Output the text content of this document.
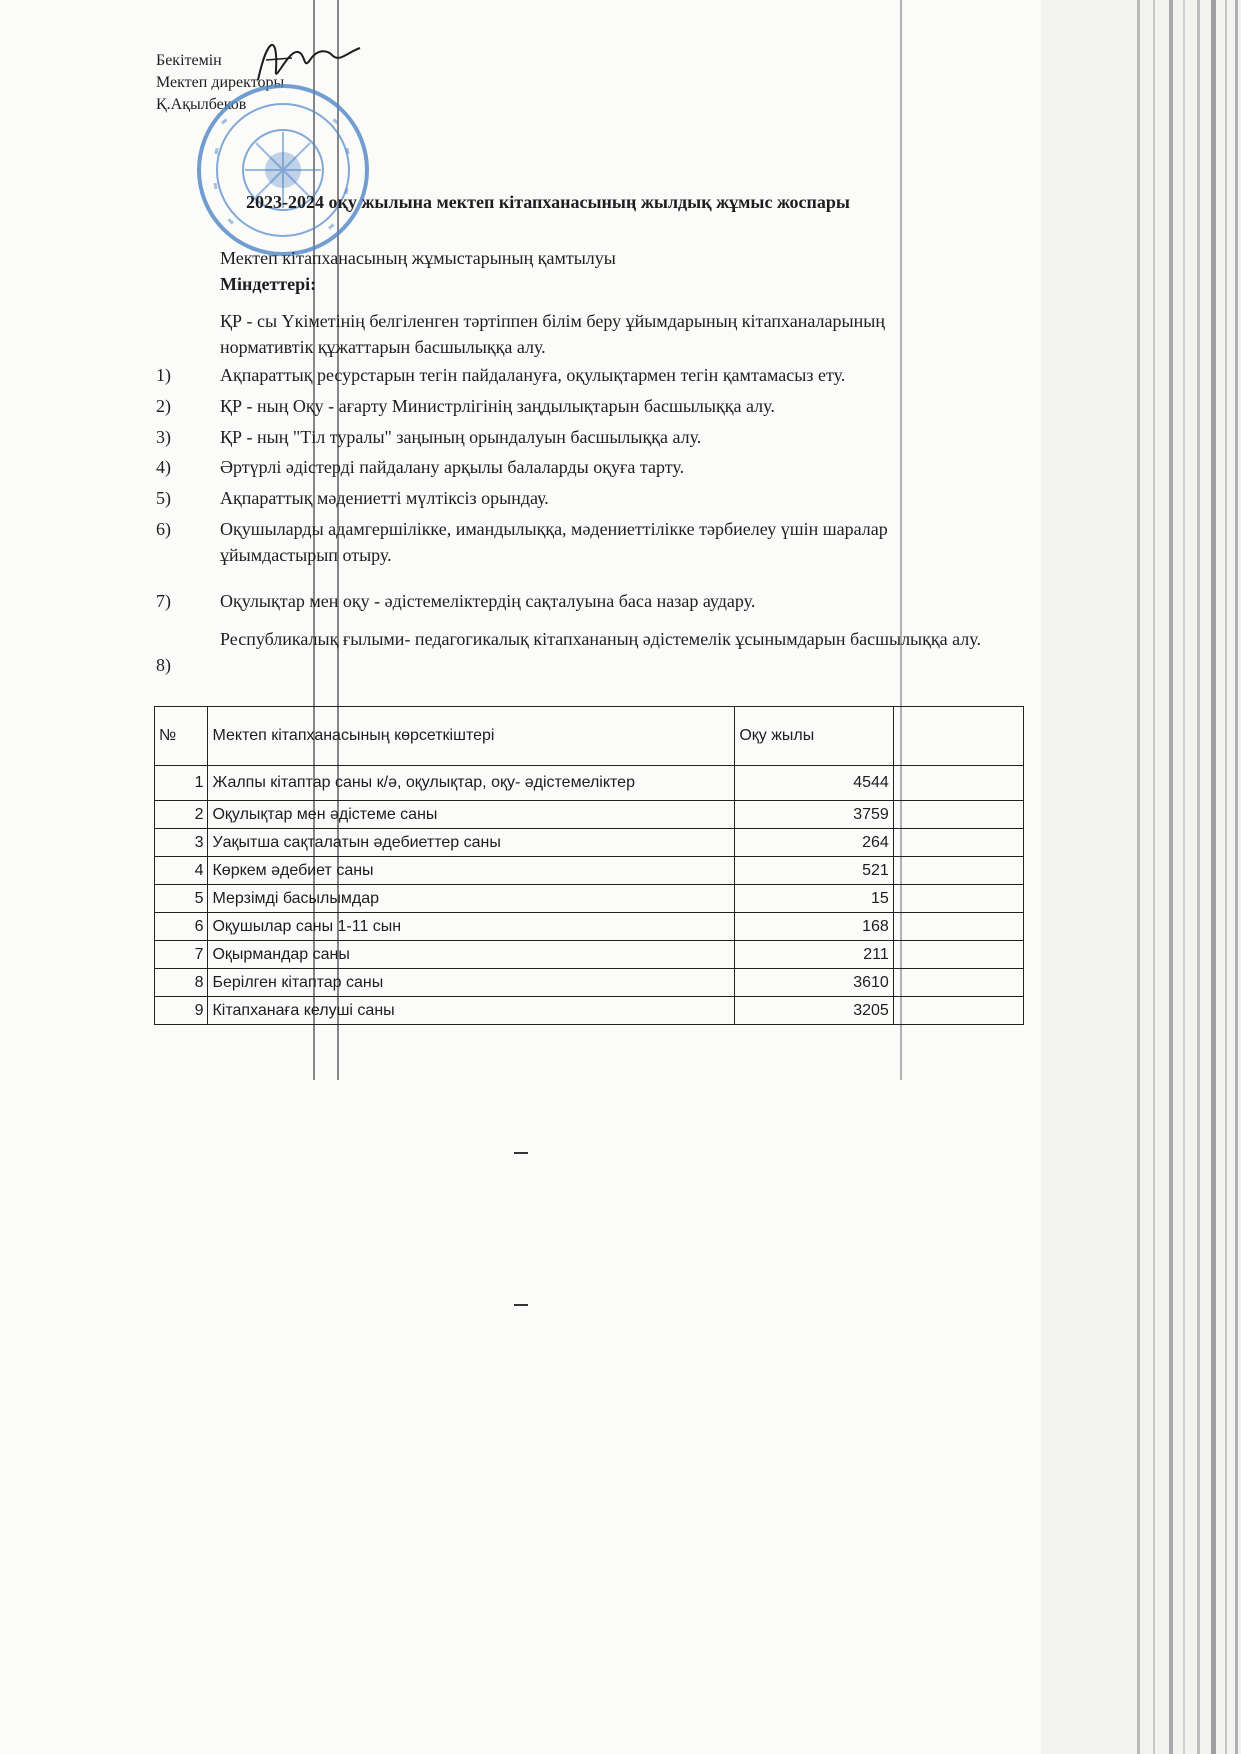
Бекітемін
Мектеп директоры
Қ.Ақылбеков
2023-2024 оқу жылына мектеп кітапханасының жылдық жұмыс жоспары
Мектеп кітапханасының жұмыстарының қамтылуы
Міндеттері:
ҚР - сы Үкіметінің белгіленген тәртіппен білім беру ұйымдарының кітапханаларының нормативтік құжаттарын басшылыққа алу.
1)	Ақпараттық ресурстарын тегін пайдалануға, оқулықтармен тегін қамтамасыз ету.
2)	ҚР - ның Оқу - ағарту Министрлігінің заңдылықтарын басшылыққа алу.
3)	ҚР - ның "Тіл туралы" заңының орындалуын басшылыққа алу.
4)	Әртүрлі әдістерді пайдалану арқылы балаларды оқуға тарту.
5)	Ақпараттық мәдениетті мүлтіксіз орындау.
6)	Оқушыларды адамгершілікке, имандылыққа, мәдениеттілікке тәрбиелеу үшін шаралар                   ұйымдастырып отыру.
7)	Оқулықтар мен оқу - әдістемеліктердің сақталуына баса назар аудару.
8)
Республикалық ғылыми- педагогикалық кітапхананың әдістемелік ұсынымдарын басшылыққа алу.
№	Мектеп кітапханасының көрсеткіштері	Оқу жылы	
1	Жалпы кітаптар саны к/ә, оқулықтар, оқу- әдістемеліктер	4544	
2	Оқулықтар мен әдістеме саны	3759	
3	Уақытша сақталатын әдебиеттер саны	264	
4	Көркем әдебиет саны	521	
5	Мерзімді басылымдар	15	
6	Оқушылар саны 1-11 сын	168	
7	Оқырмандар саны	211	
8	Берілген кітаптар саны	3610	
9	Кітапханаға келуші саны	3205	
